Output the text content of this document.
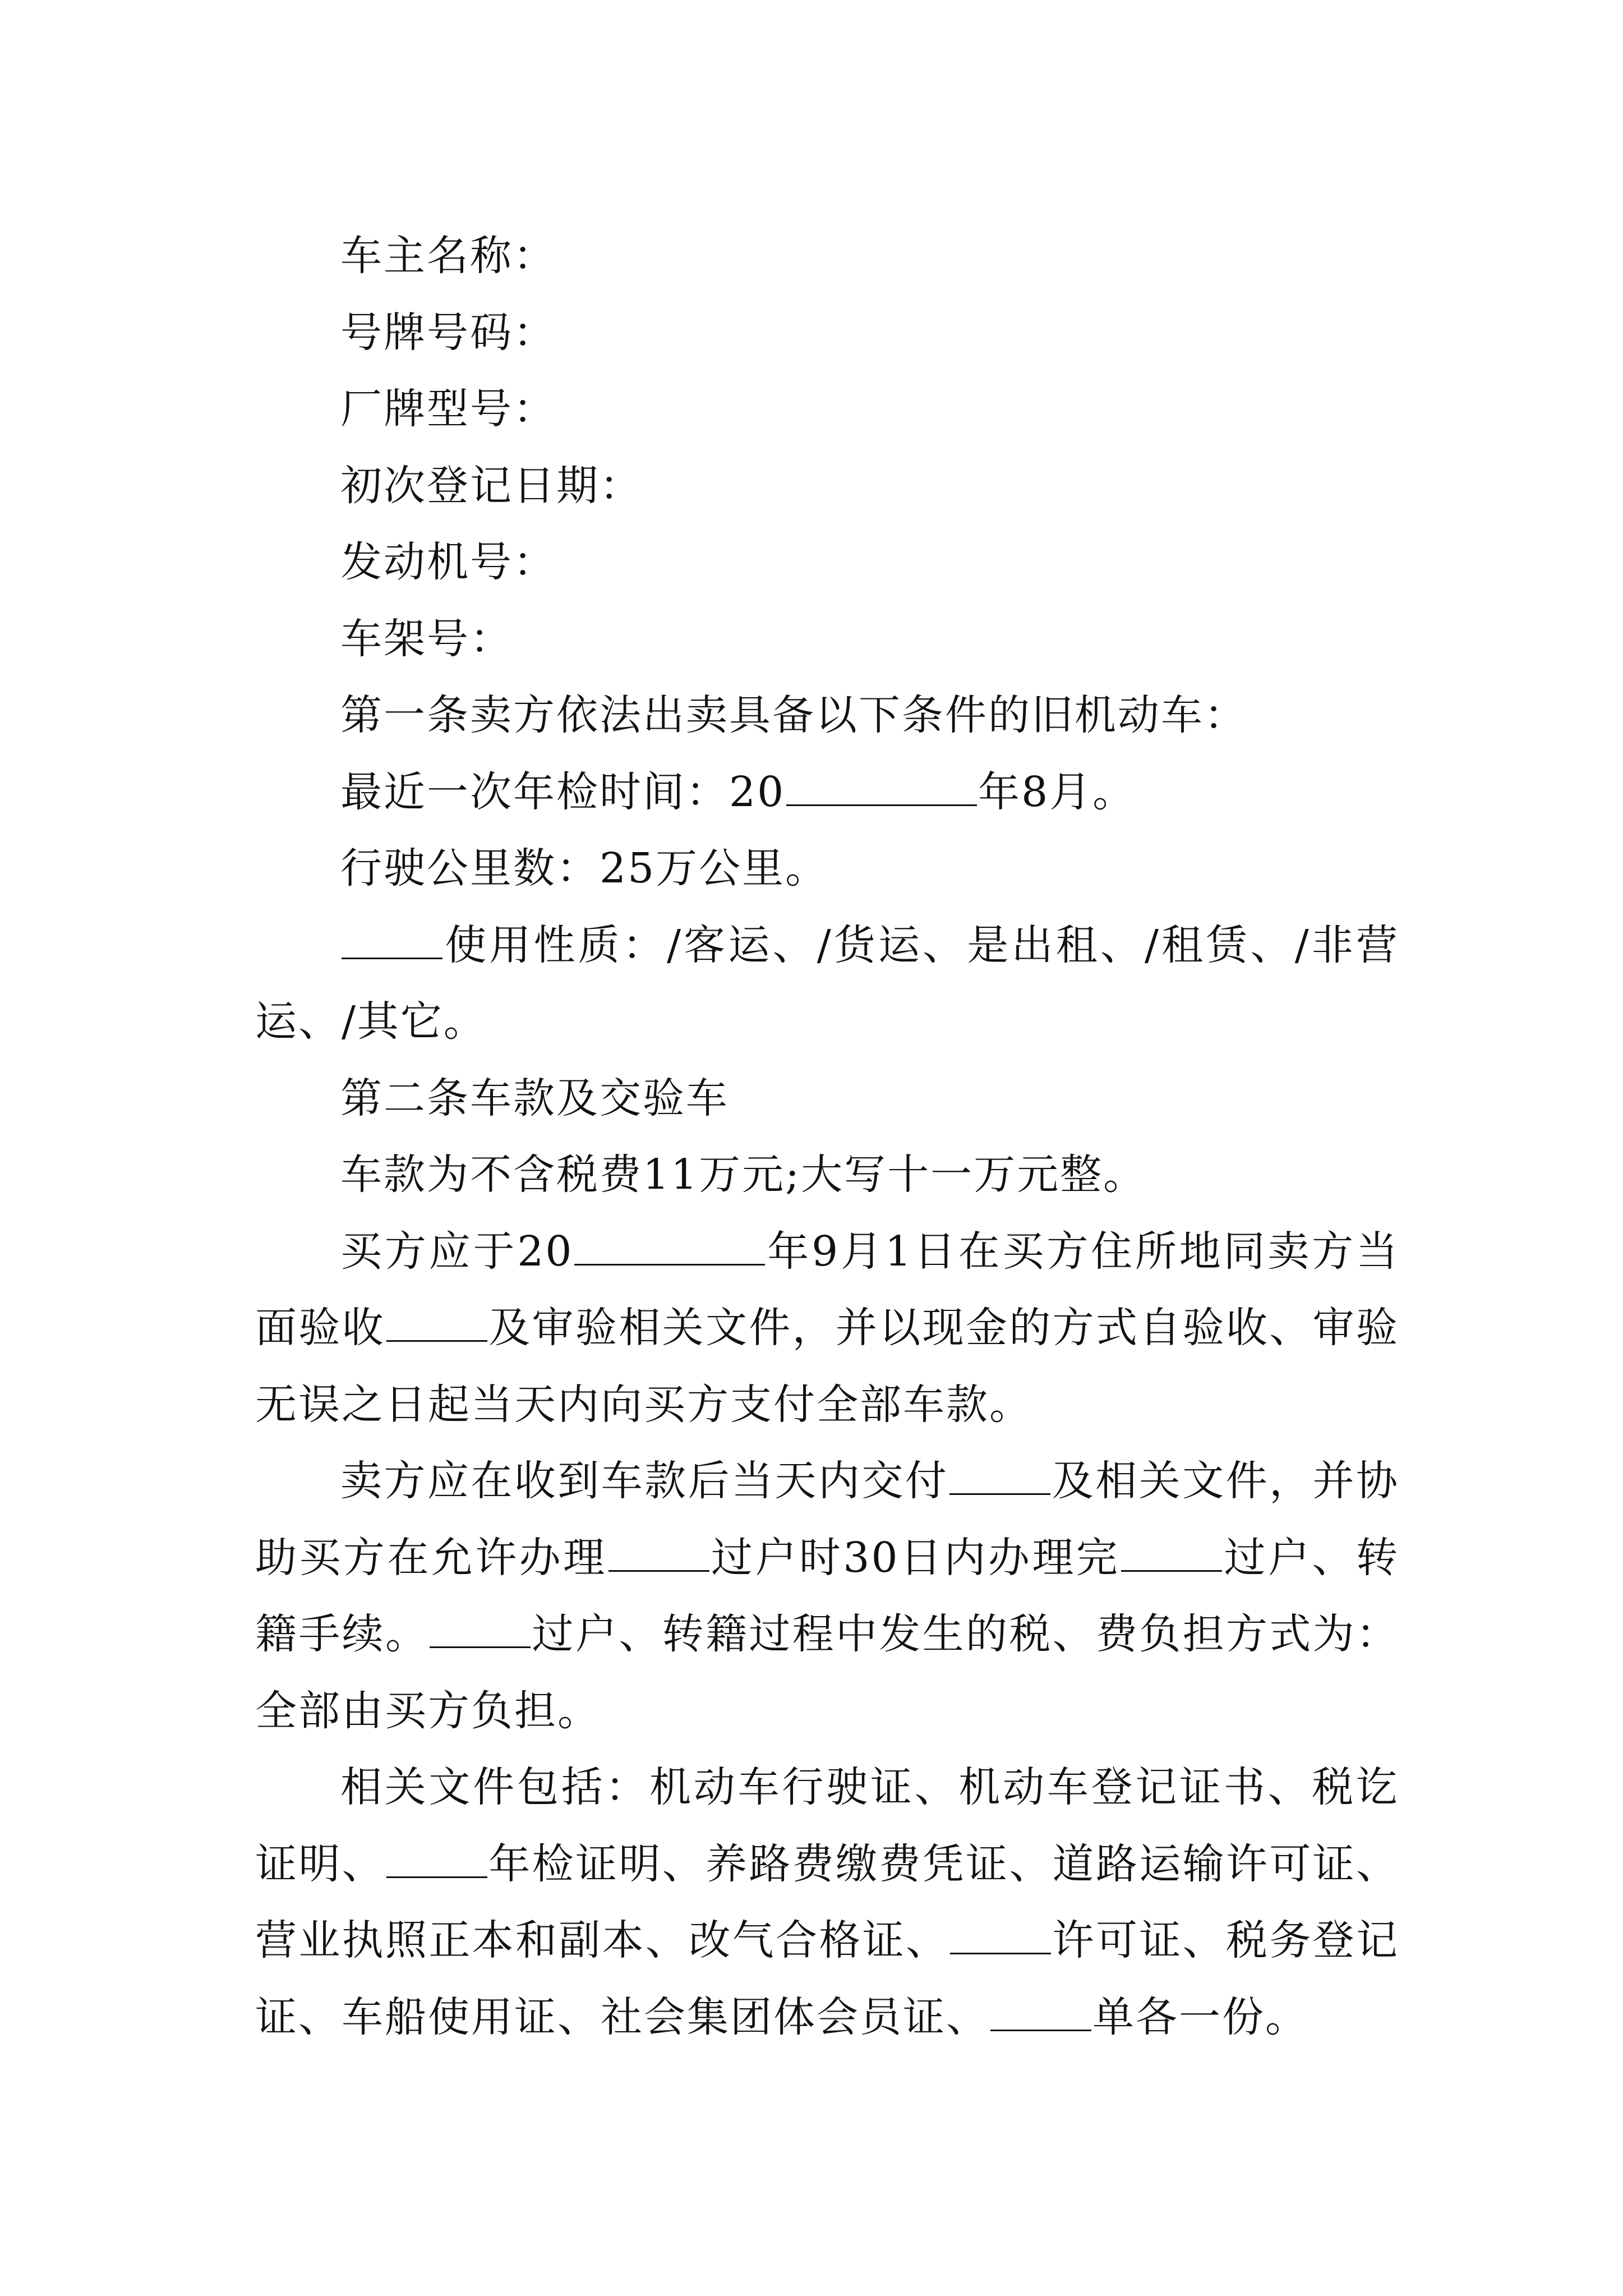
车主名称：

号牌号码：

厂牌型号：

初次登记日期：

发动机号：

车架号：

第一条卖方依法出卖具备以下条件的旧机动车：

最近一次年检时间：20	年8月。

行驶公里数：25万公里。

使用性质：/客运、/货运、是出租、/租赁、/非营运、/其它。

第二条车款及交验车

车款为不含税费11万元;大写十一万元整。

买方应于20	年9月1日在买方住所地同卖方当面验收 及审验相关文件，并以现金的方式自验收、审验无误之日起当天内向买方支付全部车款。

卖方应在收到车款后当天内交付 及相关文件，并协助买方在允许办理 过户时30日内办理完 过户、转籍手续。 过户、转籍过程中发生的税、费负担方式为：全部由买方负担。

相关文件包括：机动车行驶证、机动车登记证书、税讫证明、 年检证明、养路费缴费凭证、道路运输许可证、营业执照正本和副本、改气合格证、 许可证、税务登记证、车船使用证、社会集团体会员证、 单各一份。
